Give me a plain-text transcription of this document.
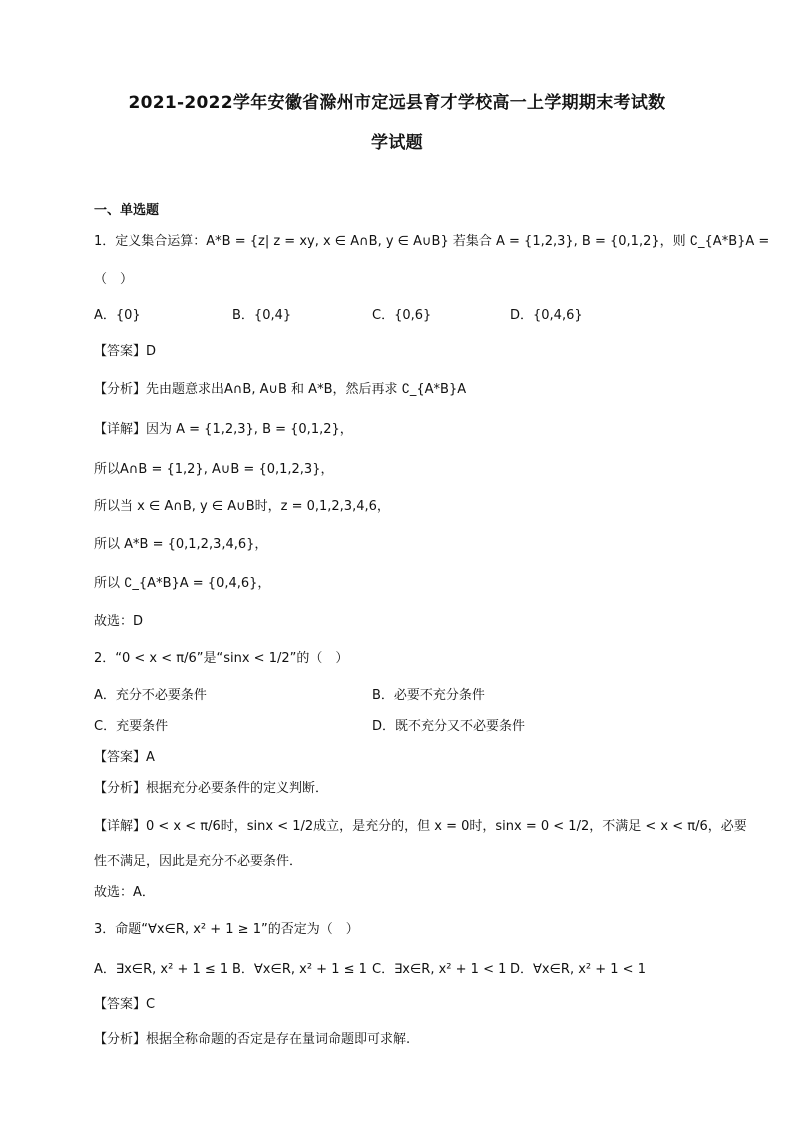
2021-2022学年安徽省滁州市定远县育才学校高一上学期期末考试数
学试题
一、单选题
1．定义集合运算：A*B = {z| z = xy, x ∈ A∩B, y ∈ A∪B} 若集合 A = {1,2,3}, B = {0,1,2}，则 ∁_{A*B}A =
（　）
A．{0}	B．{0,4}	C．{0,6}	D．{0,4,6}
【答案】D
【分析】先由题意求出A∩B, A∪B 和 A*B，然后再求 ∁_{A*B}A
【详解】因为 A = {1,2,3}, B = {0,1,2}，
所以A∩B = {1,2}, A∪B = {0,1,2,3}，
所以当 x ∈ A∩B, y ∈ A∪B时，z = 0,1,2,3,4,6，
所以 A*B = {0,1,2,3,4,6}，
所以 ∁_{A*B}A = {0,4,6}，
故选：D
2．“0 < x < π/6”是“sinx < 1/2”的（　）
A．充分不必要条件	B．必要不充分条件
C．充要条件	D．既不充分又不必要条件
【答案】A
【分析】根据充分必要条件的定义判断．
【详解】0 < x < π/6时，sinx < 1/2成立，是充分的，但 x = 0时，sinx = 0 < 1/2，不满足 < x < π/6，必要
性不满足，因此是充分不必要条件．
故选：A．
3．命题“∀x∈R, x² + 1 ≥ 1”的否定为（　）
A．∃x∈R, x² + 1 ≤ 1 B．∀x∈R, x² + 1 ≤ 1 C．∃x∈R, x² + 1 < 1 D．∀x∈R, x² + 1 < 1
【答案】C
【分析】根据全称命题的否定是存在量词命题即可求解.
